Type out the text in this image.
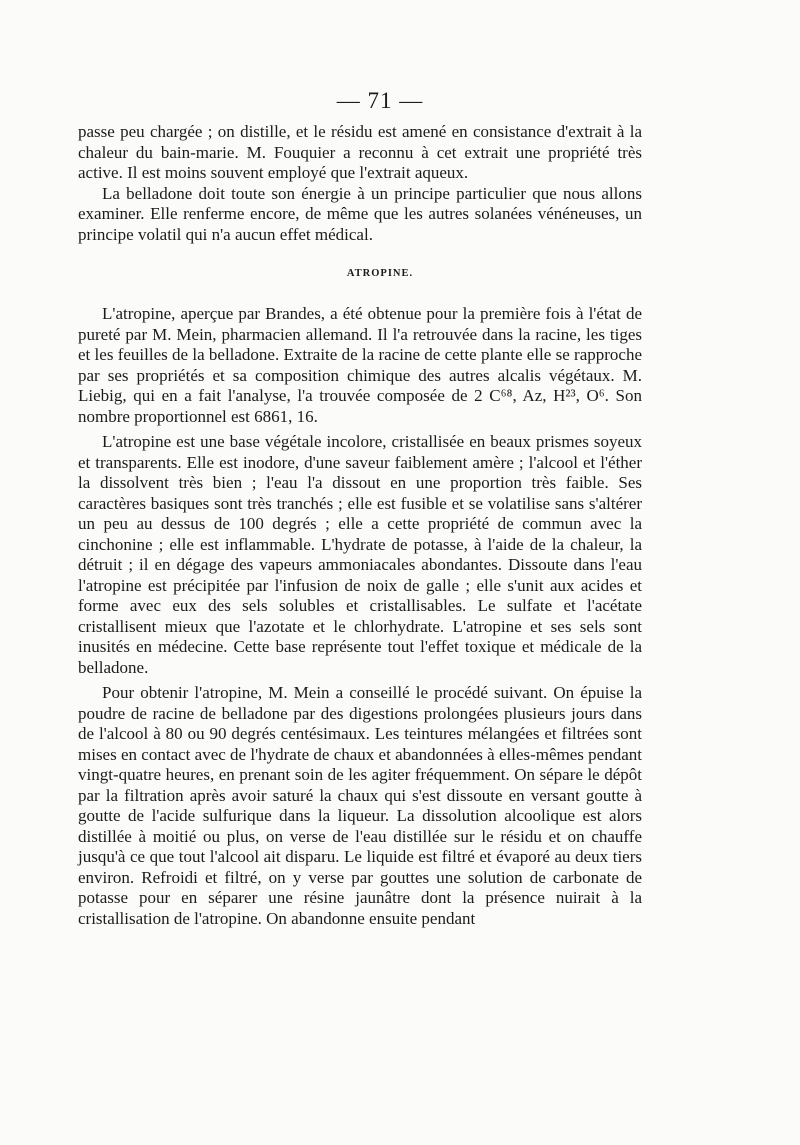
— 71 —

passe peu chargée ; on distille, et le résidu est amené en consistance d'extrait à la chaleur du bain-marie. M. Fouquier a reconnu à cet extrait une propriété très active. Il est moins souvent employé que l'extrait aqueux.

La belladone doit toute son énergie à un principe particulier que nous allons examiner. Elle renferme encore, de même que les autres solanées vénéneuses, un principe volatil qui n'a aucun effet médical.

ATROPINE.

L'atropine, aperçue par Brandes, a été obtenue pour la première fois à l'état de pureté par M. Mein, pharmacien allemand. Il l'a retrouvée dans la racine, les tiges et les feuilles de la belladone. Extraite de la racine de cette plante elle se rapproche par ses propriétés et sa composition chimique des autres alcalis végétaux. M. Liebig, qui en a fait l'analyse, l'a trouvée composée de 2 C⁶⁸, Az, H²³, O⁶. Son nombre proportionnel est 6861, 16.

L'atropine est une base végétale incolore, cristallisée en beaux prismes soyeux et transparents. Elle est inodore, d'une saveur faiblement amère ; l'alcool et l'éther la dissolvent très bien ; l'eau l'a dissout en une proportion très faible. Ses caractères basiques sont très tranchés ; elle est fusible et se volatilise sans s'altérer un peu au dessus de 100 degrés ; elle a cette propriété de commun avec la cinchonine ; elle est inflammable. L'hydrate de potasse, à l'aide de la chaleur, la détruit ; il en dégage des vapeurs ammoniacales abondantes. Dissoute dans l'eau l'atropine est précipitée par l'infusion de noix de galle ; elle s'unit aux acides et forme avec eux des sels solubles et cristallisables. Le sulfate et l'acétate cristallisent mieux que l'azotate et le chlorhydrate. L'atropine et ses sels sont inusités en médecine. Cette base représente tout l'effet toxique et médicale de la belladone.

Pour obtenir l'atropine, M. Mein a conseillé le procédé suivant. On épuise la poudre de racine de belladone par des digestions prolongées plusieurs jours dans de l'alcool à 80 ou 90 degrés centésimaux. Les teintures mélangées et filtrées sont mises en contact avec de l'hydrate de chaux et abandonnées à elles-mêmes pendant vingt-quatre heures, en prenant soin de les agiter fréquemment. On sépare le dépôt par la filtration après avoir saturé la chaux qui s'est dissoute en versant goutte à goutte de l'acide sulfurique dans la liqueur. La dissolution alcoolique est alors distillée à moitié ou plus, on verse de l'eau distillée sur le résidu et on chauffe jusqu'à ce que tout l'alcool ait disparu. Le liquide est filtré et évaporé au deux tiers environ. Refroidi et filtré, on y verse par gouttes une solution de carbonate de potasse pour en séparer une résine jaunâtre dont la présence nuirait à la cristallisation de l'atropine. On abandonne ensuite pendant
